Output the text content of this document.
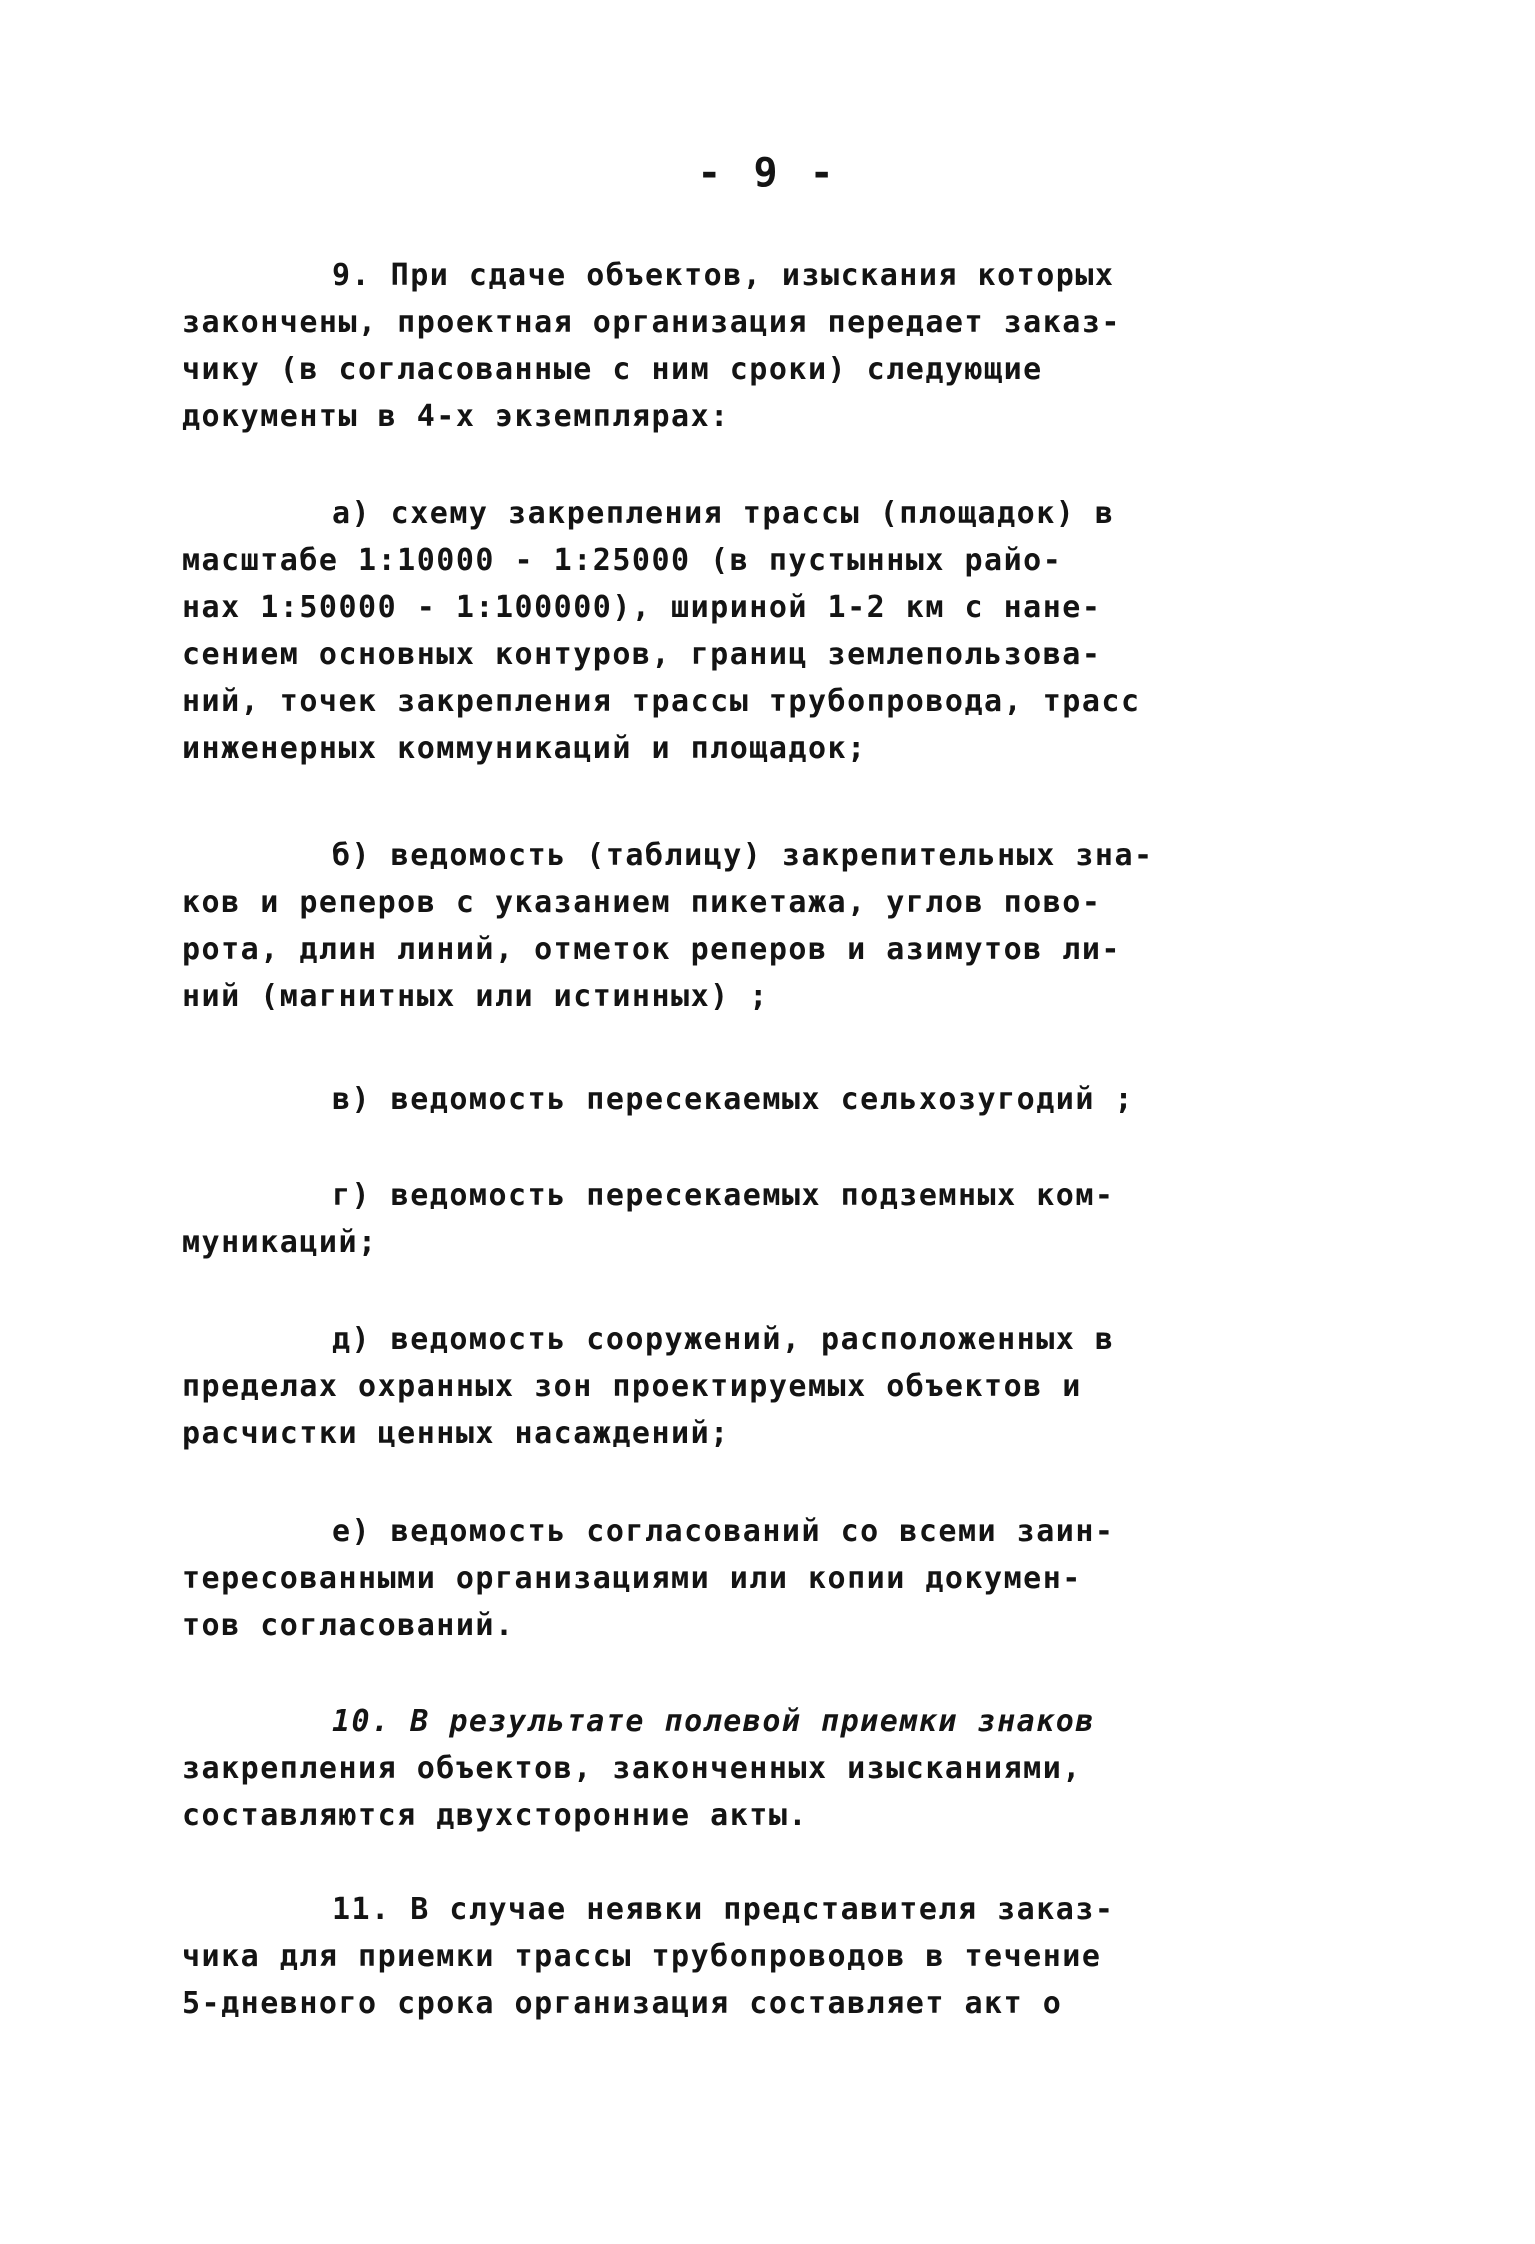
- 9 -
9. При сдаче объектов, изыскания которых
закончены, проектная организация передает заказ-
чику (в согласованные с ним сроки) следующие
документы в 4-х экземплярах:
а) схему закрепления трассы (площадок) в
масштабе 1:10000 - 1:25000 (в пустынных райо-
нах 1:50000 - 1:100000), шириной 1-2 км с нане-
сением основных контуров, границ землепользова-
ний, точек закрепления трассы трубопровода, трасс
инженерных коммуникаций и площадок;
б) ведомость (таблицу) закрепительных зна-
ков и реперов с указанием пикетажа, углов пово-
рота, длин линий, отметок реперов и азимутов ли-
ний (магнитных или истинных) ;
в) ведомость пересекаемых сельхозугодий ;
г) ведомость пересекаемых подземных ком-
муникаций;
д) ведомость сооружений, расположенных в
пределах охранных зон проектируемых объектов и
расчистки ценных насаждений;
е) ведомость согласований со всеми заин-
тересованными организациями или копии докумен-
тов согласований.
10. В результате полевой приемки знаков
закрепления объектов, законченных изысканиями,
составляются двухсторонние акты.
11. В случае неявки представителя заказ-
чика для приемки трассы трубопроводов в течение
5-дневного срока организация составляет акт о
